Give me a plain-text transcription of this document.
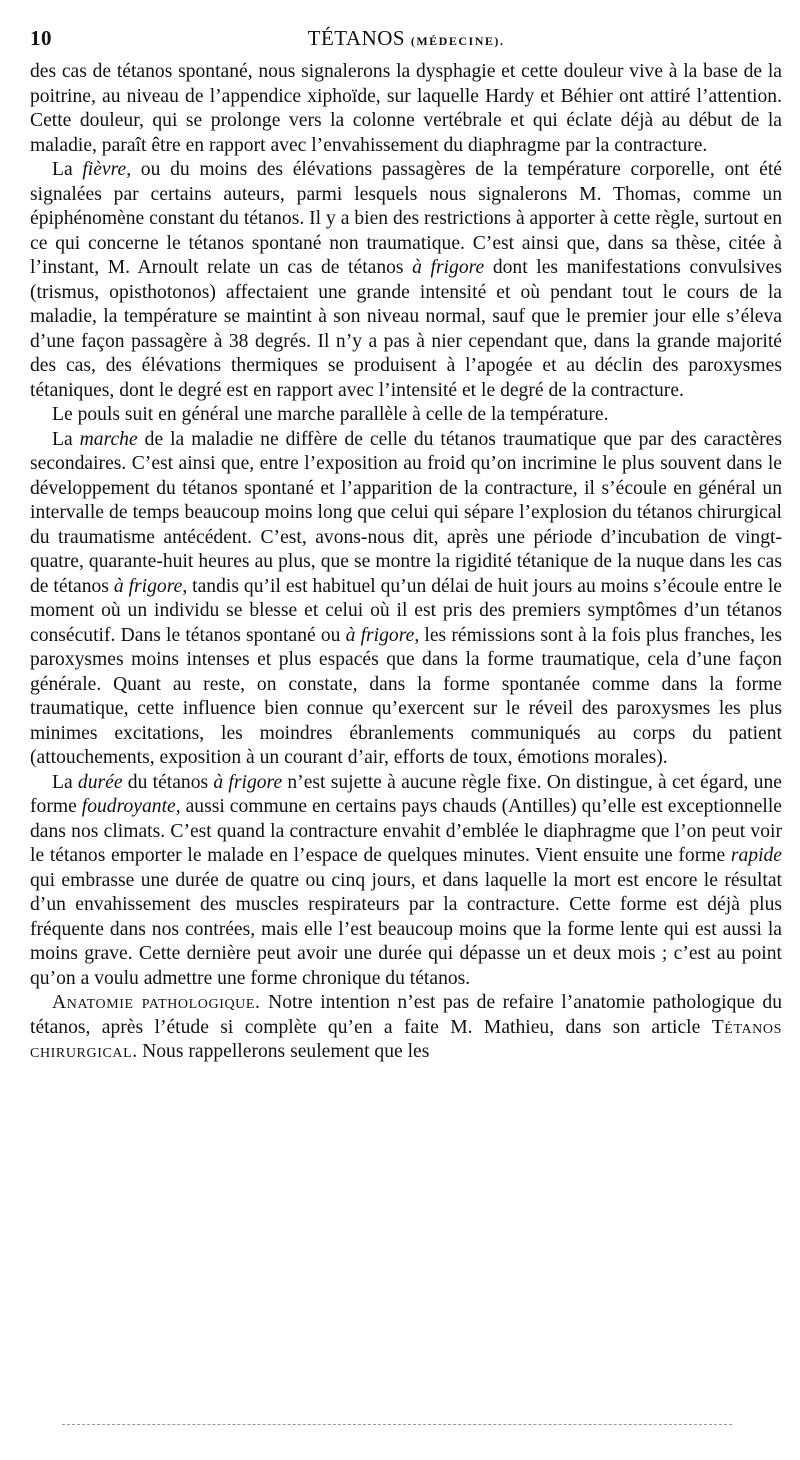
10	TÉTANOS (MÉDECINE).

des cas de tétanos spontané, nous signalerons la dysphagie et cette douleur vive à la base de la poitrine, au niveau de l’appendice xiphoïde, sur laquelle Hardy et Béhier ont attiré l’attention. Cette douleur, qui se prolonge vers la colonne vertébrale et qui éclate déjà au début de la maladie, paraît être en rapport avec l’envahissement du diaphragme par la contracture.

La fièvre, ou du moins des élévations passagères de la température corporelle, ont été signalées par certains auteurs, parmi lesquels nous signalerons M. Thomas, comme un épiphénomène constant du tétanos. Il y a bien des restrictions à apporter à cette règle, surtout en ce qui concerne le tétanos spontané non traumatique. C’est ainsi que, dans sa thèse, citée à l’instant, M. Arnoult relate un cas de tétanos à frigore dont les manifestations convulsives (trismus, opisthotonos) affectaient une grande intensité et où pendant tout le cours de la maladie, la température se maintint à son niveau normal, sauf que le premier jour elle s’éleva d’une façon passagère à 38 degrés. Il n’y a pas à nier cependant que, dans la grande majorité des cas, des élévations thermiques se produisent à l’apogée et au déclin des paroxysmes tétaniques, dont le degré est en rapport avec l’intensité et le degré de la contracture.

Le pouls suit en général une marche parallèle à celle de la température.

La marche de la maladie ne diffère de celle du tétanos traumatique que par des caractères secondaires. C’est ainsi que, entre l’exposition au froid qu’on incrimine le plus souvent dans le développement du tétanos spontané et l’apparition de la contracture, il s’écoule en général un intervalle de temps beaucoup moins long que celui qui sépare l’explosion du tétanos chirurgical du traumatisme antécédent. C’est, avons-nous dit, après une période d’incubation de vingt-quatre, quarante-huit heures au plus, que se montre la rigidité tétanique de la nuque dans les cas de tétanos à frigore, tandis qu’il est habituel qu’un délai de huit jours au moins s’écoule entre le moment où un individu se blesse et celui où il est pris des premiers symptômes d’un tétanos consécutif. Dans le tétanos spontané ou à frigore, les rémissions sont à la fois plus franches, les paroxysmes moins intenses et plus espacés que dans la forme traumatique, cela d’une façon générale. Quant au reste, on constate, dans la forme spontanée comme dans la forme traumatique, cette influence bien connue qu’exercent sur le réveil des paroxysmes les plus minimes excitations, les moindres ébranlements communiqués au corps du patient (attouchements, exposition à un courant d’air, efforts de toux, émotions morales).

La durée du tétanos à frigore n’est sujette à aucune règle fixe. On distingue, à cet égard, une forme foudroyante, aussi commune en certains pays chauds (Antilles) qu’elle est exceptionnelle dans nos climats. C’est quand la contracture envahit d’emblée le diaphragme que l’on peut voir le tétanos emporter le malade en l’espace de quelques minutes. Vient ensuite une forme rapide qui embrasse une durée de quatre ou cinq jours, et dans laquelle la mort est encore le résultat d’un envahissement des muscles respirateurs par la contracture. Cette forme est déjà plus fréquente dans nos contrées, mais elle l’est beaucoup moins que la forme lente qui est aussi la moins grave. Cette dernière peut avoir une durée qui dépasse un et deux mois ; c’est au point qu’on a voulu admettre une forme chronique du tétanos.

Anatomie pathologique. Notre intention n’est pas de refaire l’anatomie pathologique du tétanos, après l’étude si complète qu’en a faite M. Mathieu, dans son article Tétanos chirurgical. Nous rappellerons seulement que les
